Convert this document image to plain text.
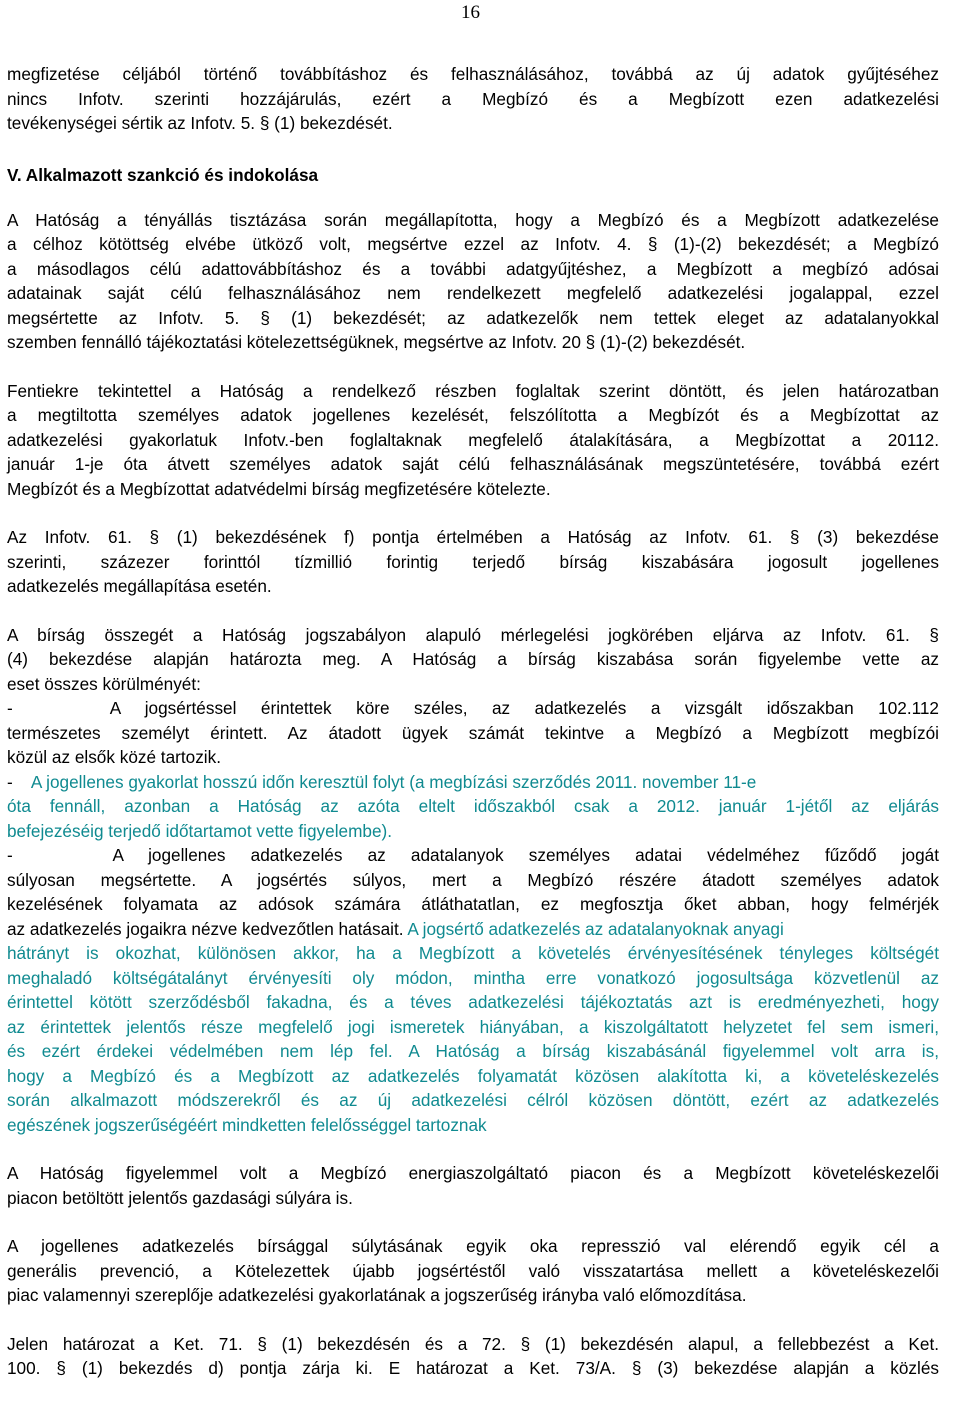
16
megfizetése céljából történő továbbításhoz és felhasználásához, továbbá az új adatok gyűjtéséhez
nincs Infotv. szerinti hozzájárulás, ezért a Megbízó és a Megbízott ezen adatkezelési
tevékenységei sértik az Infotv. 5. § (1) bekezdését.
V. Alkalmazott szankció és indokolása
A Hatóság a tényállás tisztázása során megállapította, hogy a Megbízó és a Megbízott adatkezelése
a célhoz kötöttség elvébe ütköző volt, megsértve ezzel az Infotv. 4. § (1)-(2) bekezdését; a Megbízó
a másodlagos célú adattovábbításhoz és a további adatgyűjtéshez, a Megbízott a megbízó adósai
adatainak saját célú felhasználásához nem rendelkezett megfelelő adatkezelési jogalappal, ezzel
megsértette az Infotv. 5. § (1) bekezdését; az adatkezelők nem tettek eleget az adatalanyokkal
szemben fennálló tájékoztatási kötelezettségüknek, megsértve az Infotv. 20 § (1)-(2) bekezdését.
Fentiekre tekintettel a Hatóság a rendelkező részben foglaltak szerint döntött, és jelen határozatban
a megtiltotta személyes adatok jogellenes kezelését, felszólította a Megbízót és a Megbízottat az
adatkezelési gyakorlatuk Infotv.-ben foglaltaknak megfelelő átalakítására, a Megbízottat a 20112.
január 1-je óta átvett személyes adatok saját célú felhasználásának megszüntetésére, továbbá ezért
Megbízót és a Megbízottat adatvédelmi bírság megfizetésére kötelezte.
Az Infotv. 61. § (1) bekezdésének f) pontja értelmében a Hatóság az Infotv. 61. § (3) bekezdése
szerinti, százezer forinttól tízmillió forintig terjedő bírság kiszabására jogosult jogellenes
adatkezelés megállapítása esetén.
A bírság összegét a Hatóság jogszabályon alapuló mérlegelési jogkörében eljárva az Infotv. 61. §
(4) bekezdése alapján határozta meg. A Hatóság a bírság kiszabása során figyelembe vette az
eset összes körülményét:
-    A jogsértéssel érintettek köre széles, az adatkezelés a vizsgált időszakban 102.112
természetes személyt érintett. Az átadott ügyek számát tekintve a Megbízó a Megbízott megbízói
közül az elsők közé tartozik.
-    A jogellenes gyakorlat hosszú időn keresztül folyt (a megbízási szerződés 2011. november 11-e
óta fennáll, azonban a Hatóság az azóta eltelt időszakból csak a 2012. január 1-jétől az eljárás
befejezéséig terjedő időtartamot vette figyelembe).
-    A jogellenes adatkezelés az adatalanyok személyes adatai védelméhez fűződő jogát
súlyosan megsértette. A jogsértés súlyos, mert a Megbízó részére átadott személyes adatok
kezelésének folyamata az adósok számára átláthatatlan, ez megfosztja őket abban, hogy felmérjék
az adatkezelés jogaikra nézve kedvezőtlen hatásait. A jogsértő adatkezelés az adatalanyoknak anyagi
hátrányt is okozhat, különösen akkor, ha a Megbízott a követelés érvényesítésének tényleges költségét
meghaladó költségátalányt érvényesíti oly módon, mintha erre vonatkozó jogosultsága közvetlenül az
érintettel kötött szerződésből fakadna, és a téves adatkezelési tájékoztatás azt is eredményezheti, hogy
az érintettek jelentős része megfelelő jogi ismeretek hiányában, a kiszolgáltatott helyzetet fel sem ismeri,
és ezért érdekei védelmében nem lép fel. A Hatóság a bírság kiszabásánál figyelemmel volt arra is,
hogy a Megbízó és a Megbízott az adatkezelés folyamatát közösen alakította ki, a követeléskezelés
során alkalmazott módszerekről és az új adatkezelési célról közösen döntött, ezért az adatkezelés
egészének jogszerűségéért mindketten felelősséggel tartoznak
A Hatóság figyelemmel volt a Megbízó energiaszolgáltató piacon és a Megbízott követeléskezelői
piacon betöltött jelentős gazdasági súlyára is.
A jogellenes adatkezelés bírsággal súlytásának egyik oka represszió val elérendő egyik cél a
generális prevenció, a Kötelezettek újabb jogsértéstől való visszatartása mellett a követeléskezelői
piac valamennyi szereplője adatkezelési gyakorlatának a jogszerűség irányba való előmozdítása.
Jelen határozat a Ket. 71. § (1) bekezdésén és a 72. § (1) bekezdésén alapul, a fellebbezést a Ket.
100. § (1) bekezdés d) pontja zárja ki. E határozat a Ket. 73/A. § (3) bekezdése alapján a közlés
